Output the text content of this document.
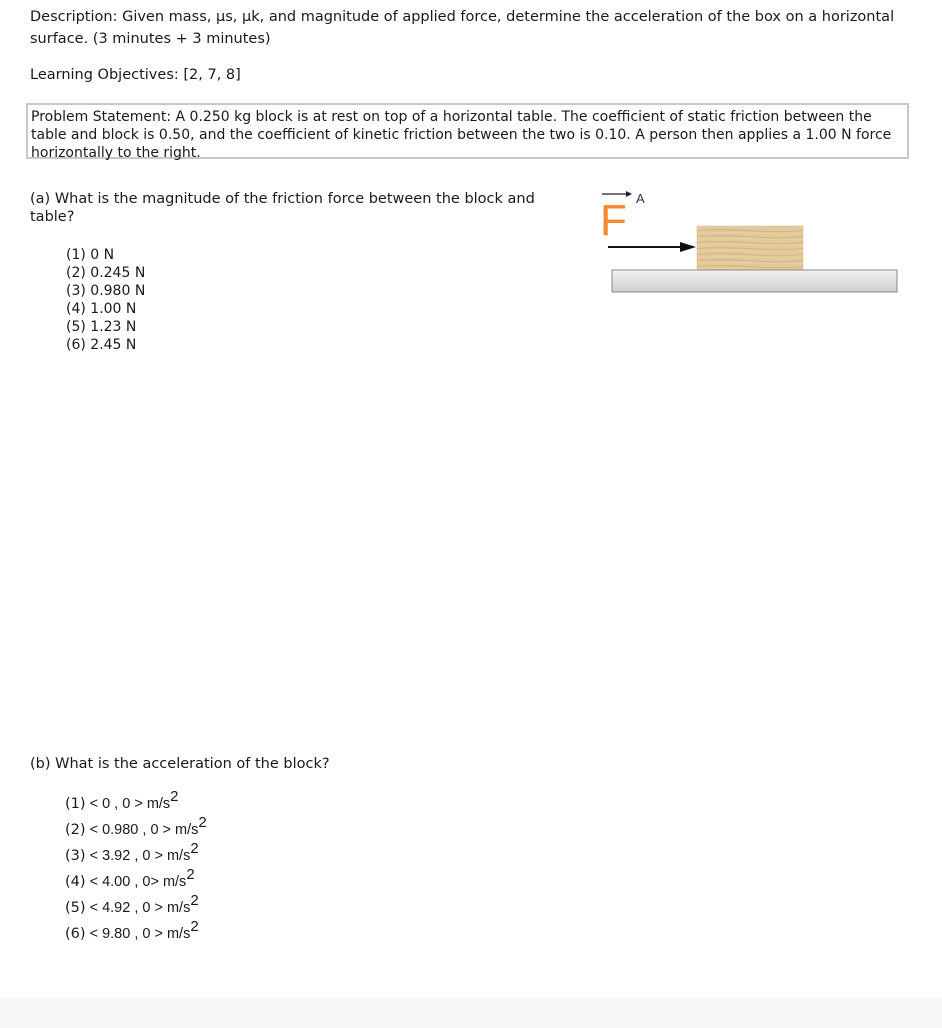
Description: Given mass, μs, μk, and magnitude of applied force, determine the acceleration of the box on a horizontal surface. (3 minutes + 3 minutes)
Learning Objectives: [2, 7, 8]
Problem Statement: A 0.250 kg block is at rest on top of a horizontal table. The coefficient of static friction between the table and block is 0.50, and the coefficient of kinetic friction between the two is 0.10. A person then applies a 1.00 N force horizontally to the right.
(a) What is the magnitude of the friction force between the block and table?
(1) 0 N
(2) 0.245 N
(3) 0.980 N
(4) 1.00 N
(5) 1.23 N
(6) 2.45 N
F A
(b) What is the acceleration of the block?
(1) < 0 , $0 > m/s^2$
(2) < 0.980 , $0 > m/s^2$
(3) < 3.92 , $0 > m/s^2$
(4) < 4.00 , $0> m/s^2$
(5) < 4.92 , $0 > m/s^2$
(6) < 9.80 , $0 > m/s^2$
